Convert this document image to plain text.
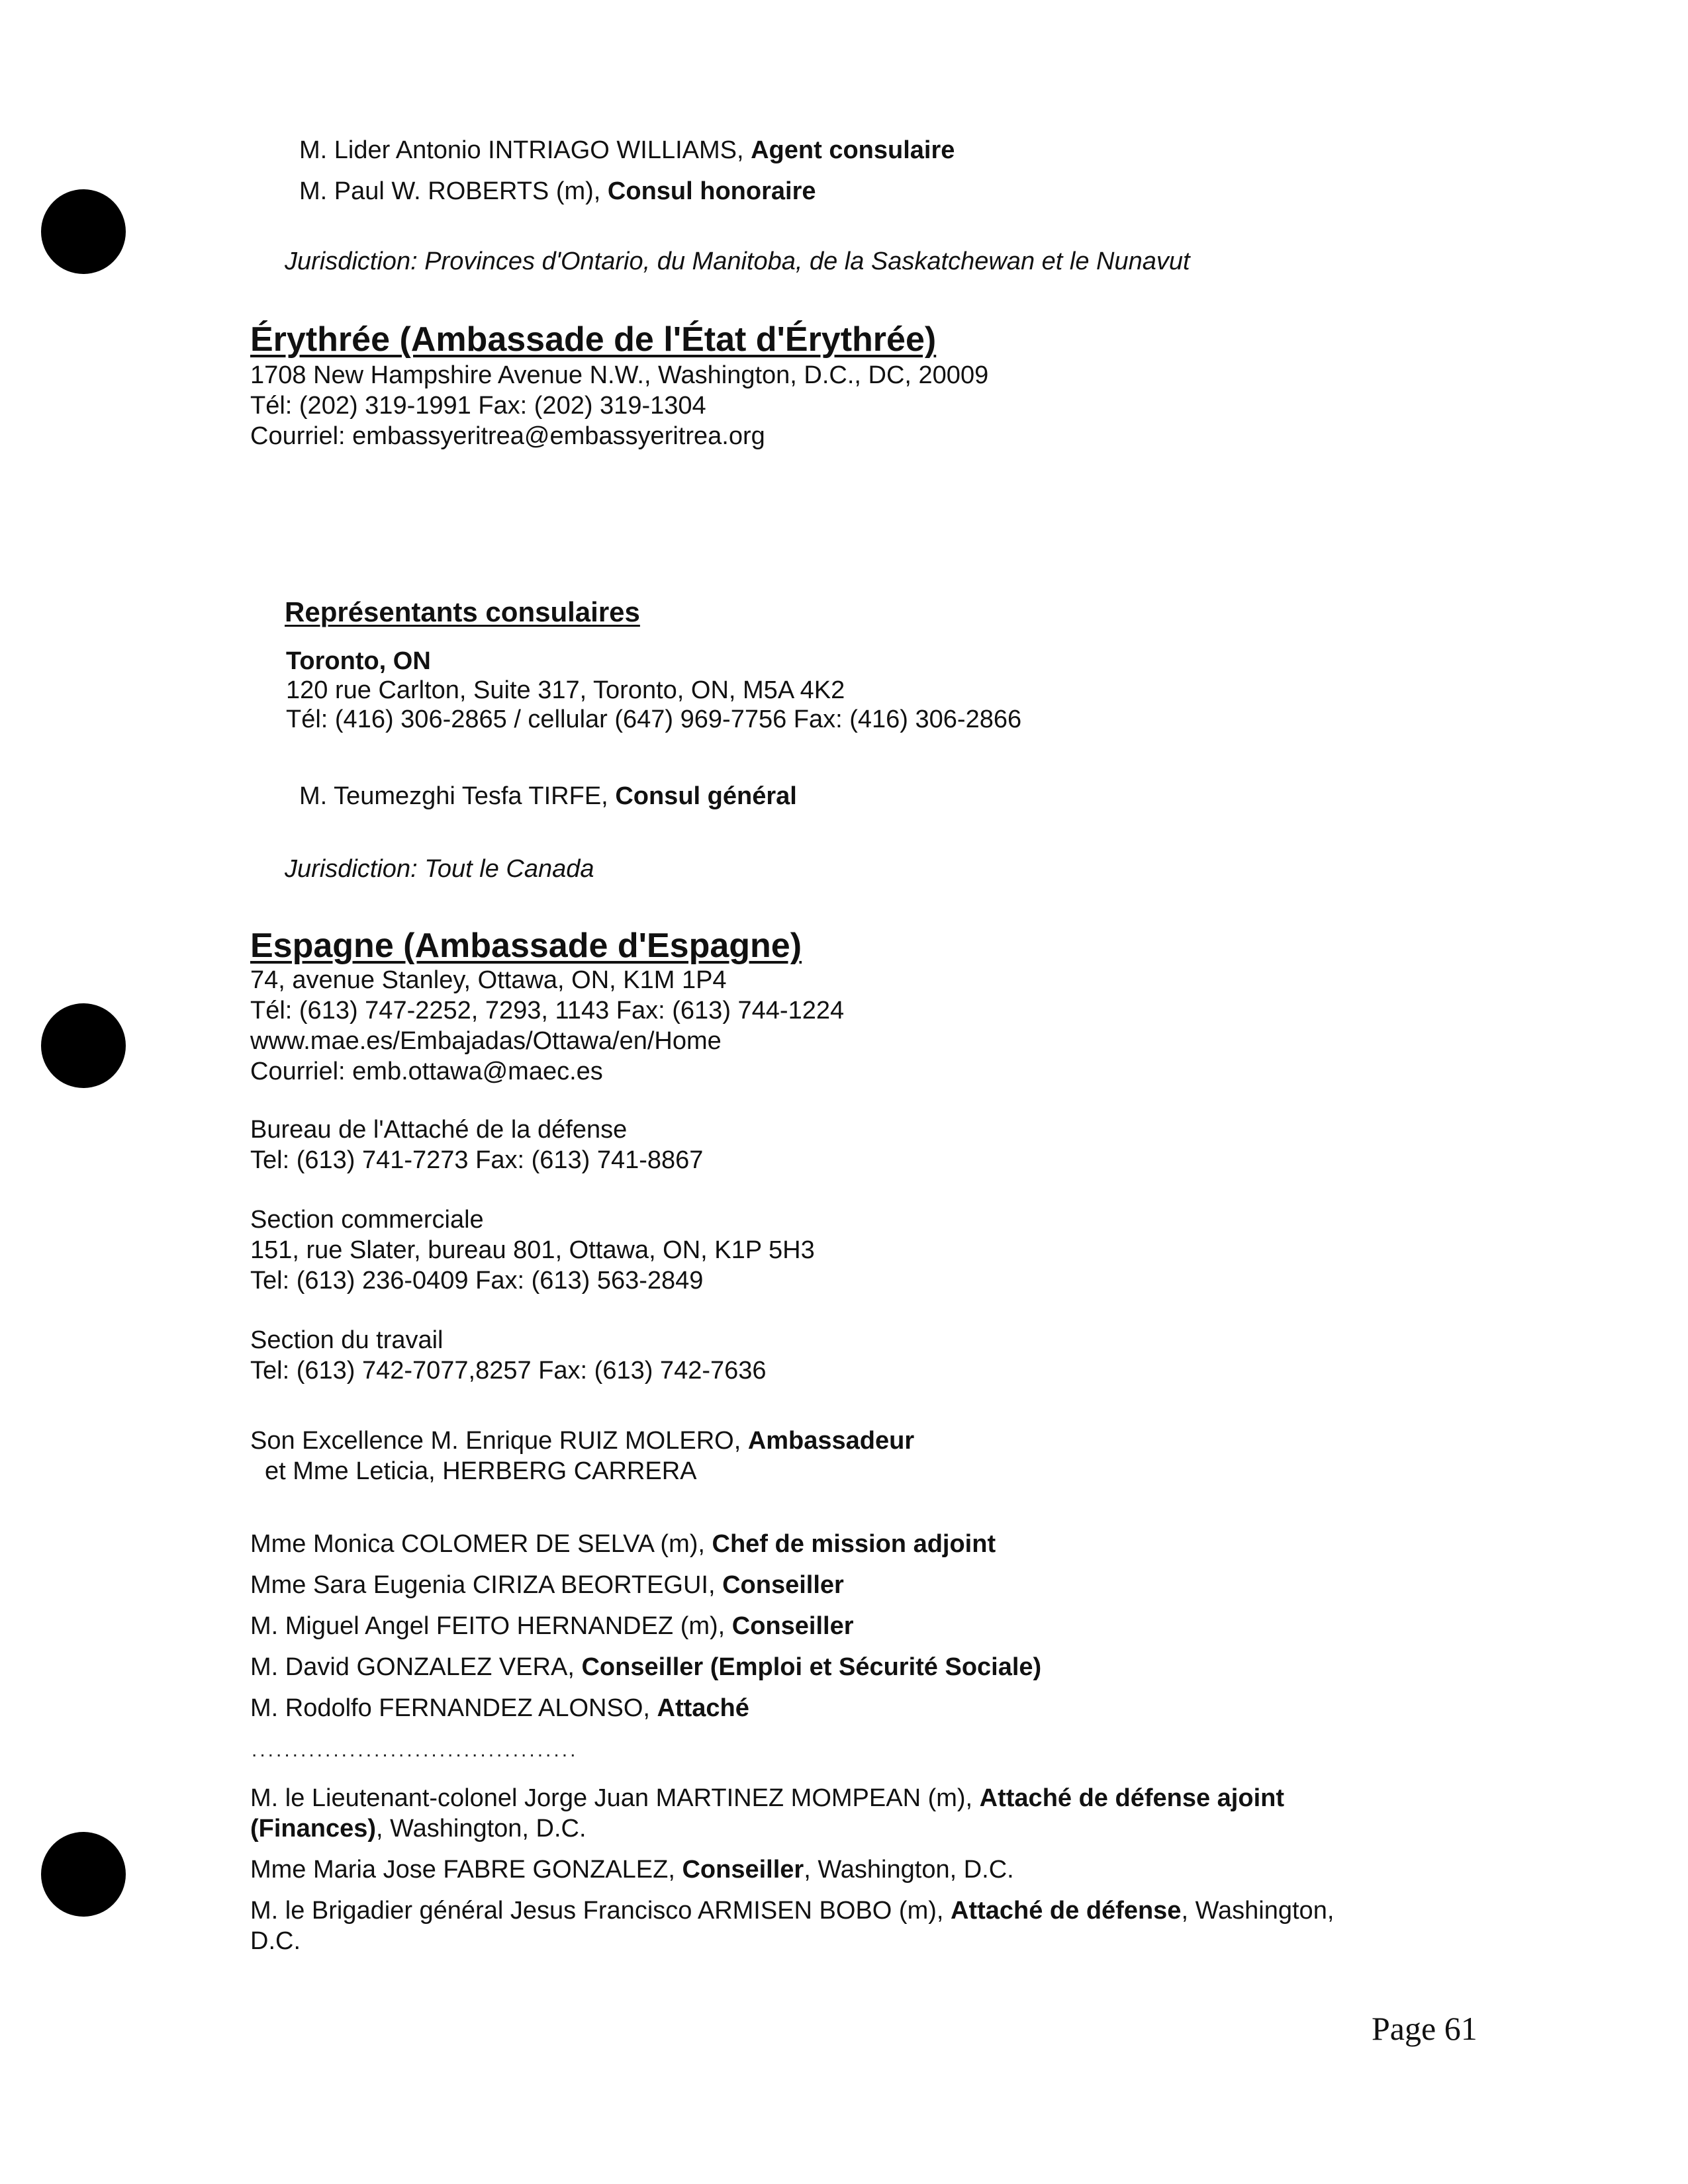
M. Lider Antonio INTRIAGO WILLIAMS, Agent consulaire
M. Paul W. ROBERTS (m), Consul honoraire
Jurisdiction: Provinces d'Ontario, du Manitoba, de la Saskatchewan et le Nunavut
Érythrée (Ambassade de l'État d'Érythrée)
1708 New Hampshire Avenue N.W., Washington, D.C., DC, 20009
Tél: (202) 319-1991 Fax: (202) 319-1304
Courriel: embassyeritrea@embassyeritrea.org
Représentants consulaires
Toronto, ON
120 rue Carlton, Suite 317, Toronto, ON, M5A 4K2
Tél: (416) 306-2865 / cellular (647) 969-7756 Fax: (416) 306-2866
M. Teumezghi Tesfa TIRFE, Consul général
Jurisdiction: Tout le Canada
Espagne (Ambassade d'Espagne)
74, avenue Stanley, Ottawa, ON, K1M 1P4
Tél: (613) 747-2252, 7293, 1143 Fax: (613) 744-1224
www.mae.es/Embajadas/Ottawa/en/Home
Courriel: emb.ottawa@maec.es
Bureau de l'Attaché de la défense
Tel: (613) 741-7273 Fax: (613) 741-8867
Section commerciale
151, rue Slater, bureau 801, Ottawa, ON, K1P 5H3
Tel: (613) 236-0409 Fax: (613) 563-2849
Section du travail
Tel: (613) 742-7077,8257 Fax: (613) 742-7636
Son Excellence M. Enrique RUIZ MOLERO, Ambassadeur
et Mme Leticia, HERBERG CARRERA
Mme Monica COLOMER DE SELVA (m), Chef de mission adjoint
Mme Sara Eugenia CIRIZA BEORTEGUI, Conseiller
M. Miguel Angel FEITO HERNANDEZ (m), Conseiller
M. David GONZALEZ VERA, Conseiller (Emploi et Sécurité Sociale)
M. Rodolfo FERNANDEZ ALONSO, Attaché
........................................
M. le Lieutenant-colonel Jorge Juan MARTINEZ MOMPEAN (m), Attaché de défense ajoint
(Finances), Washington, D.C.
Mme Maria Jose FABRE GONZALEZ, Conseiller, Washington, D.C.
M. le Brigadier général Jesus Francisco ARMISEN BOBO (m), Attaché de défense, Washington,
D.C.
Page 61
